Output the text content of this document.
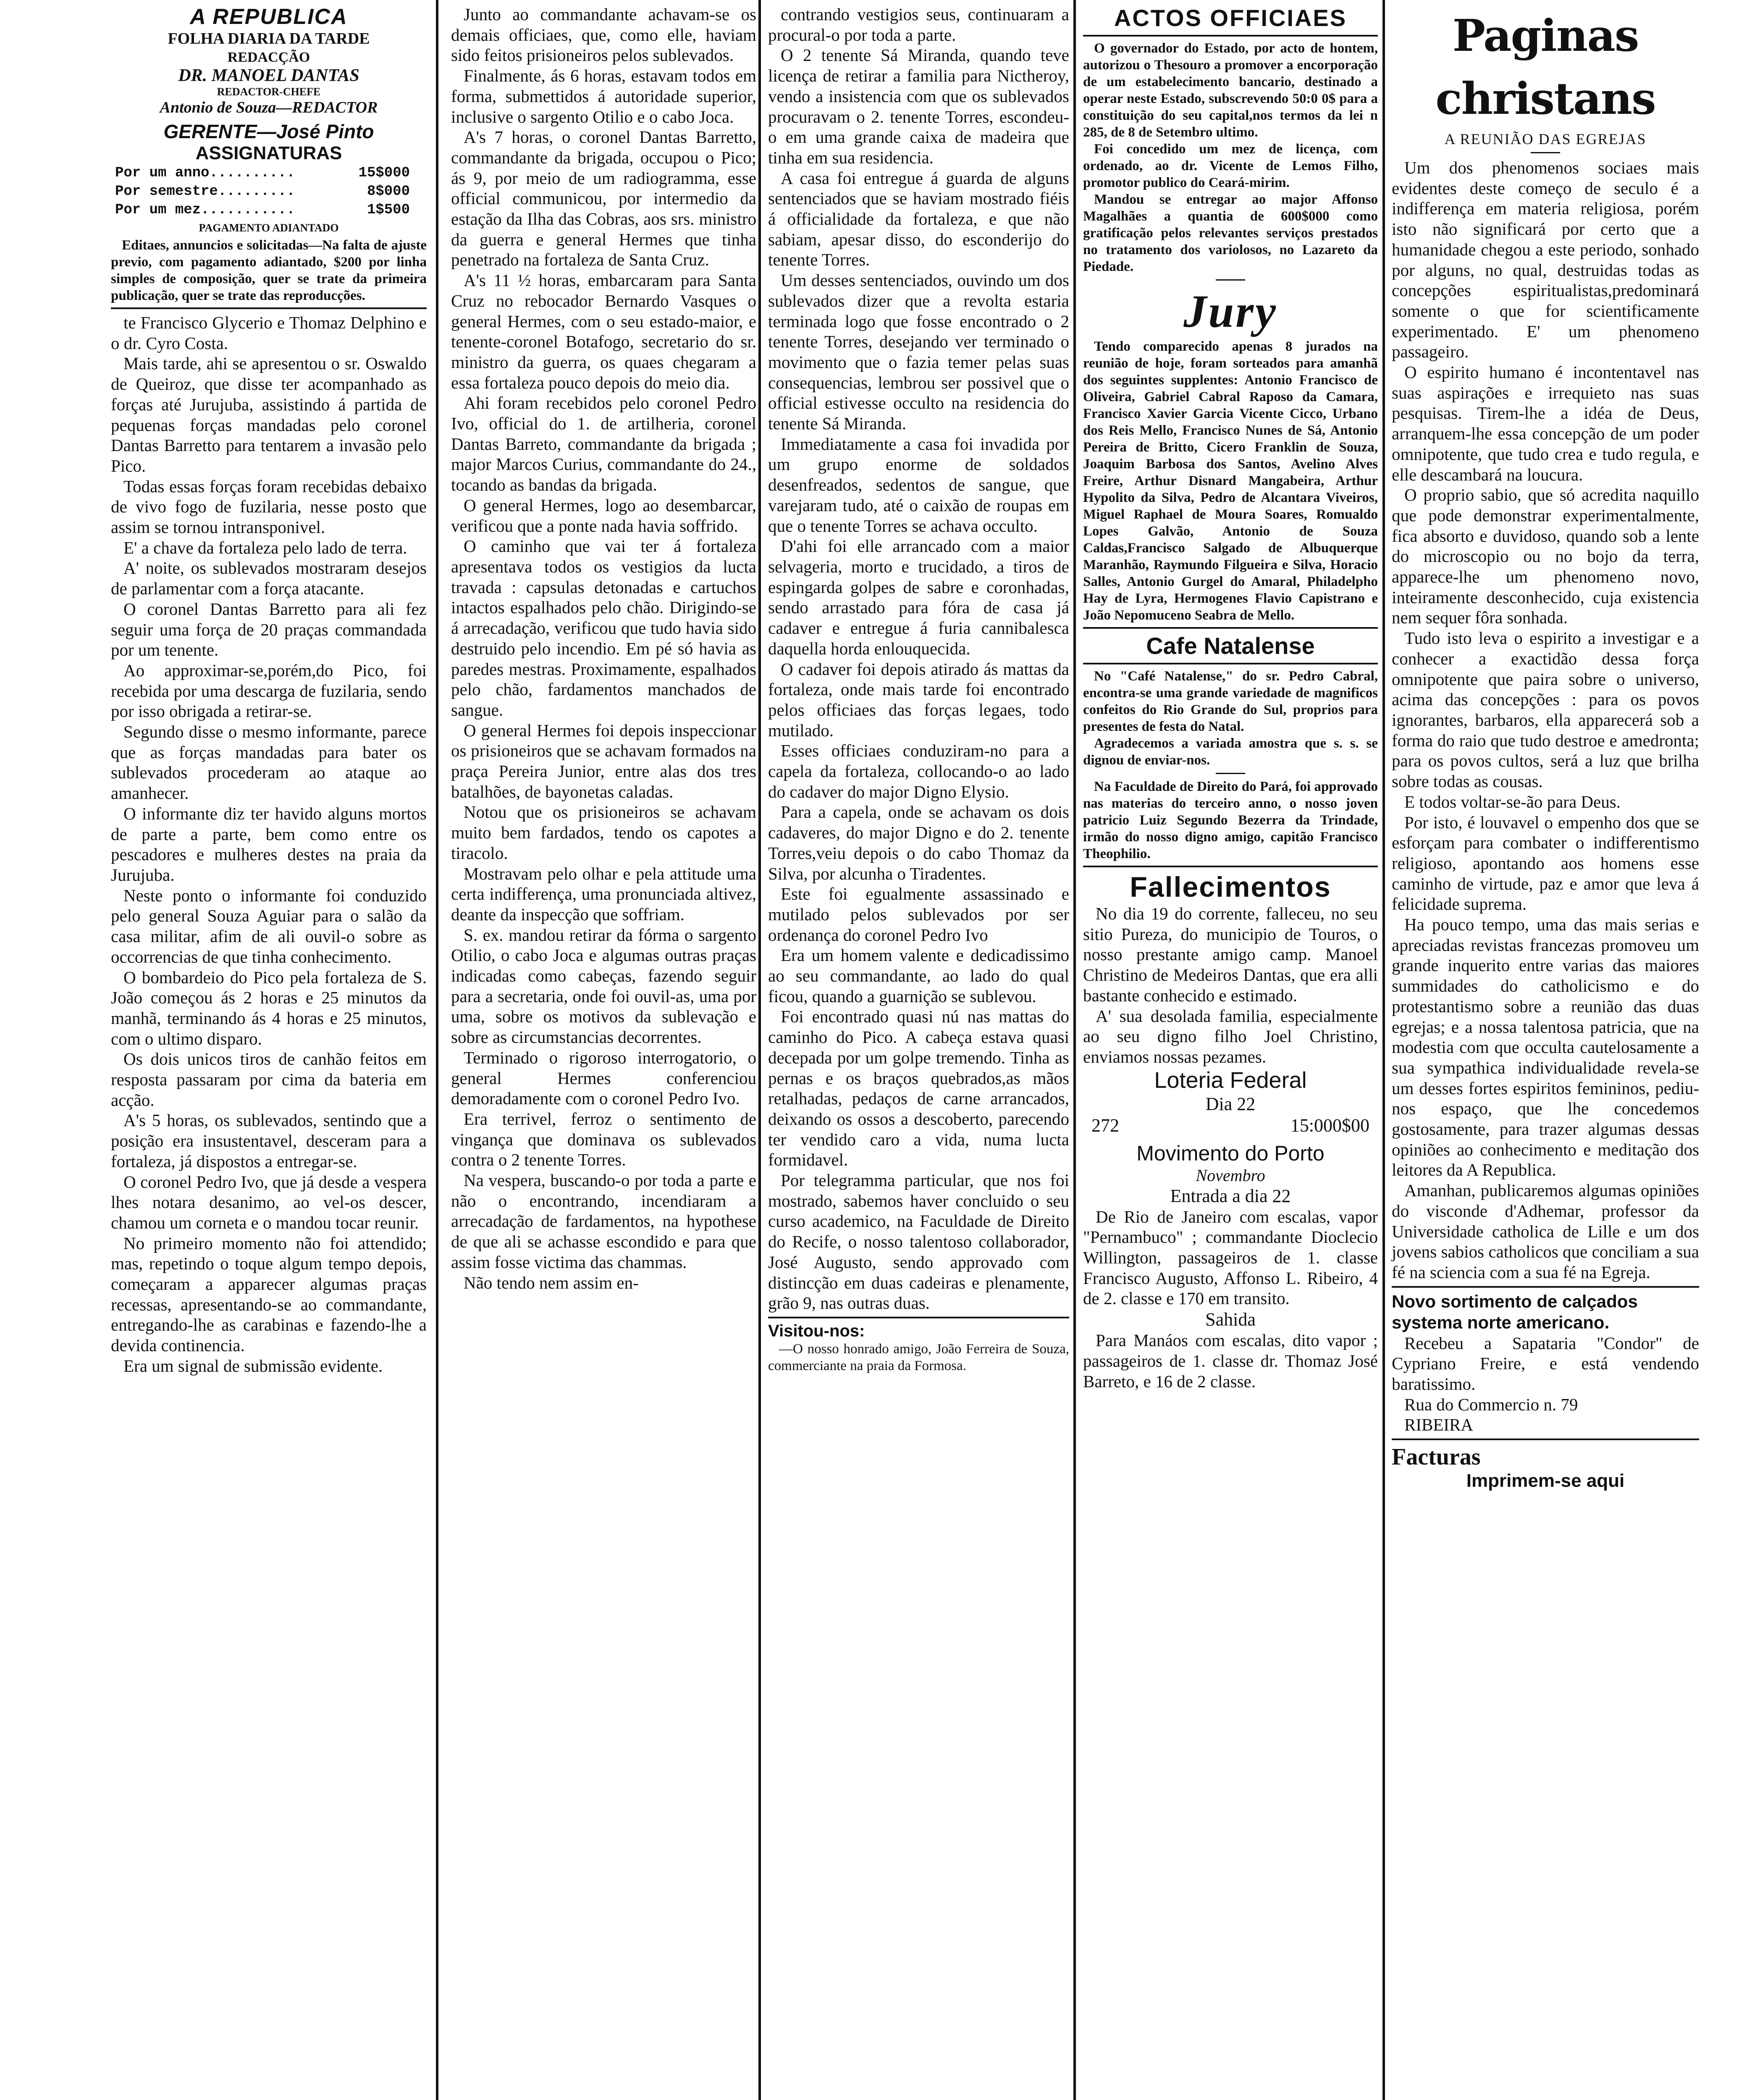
A REPUBLICA
FOLHA DIARIA DA TARDE
REDACÇÃO
DR. MANOEL DANTAS
REDACTOR-CHEFE
Antonio de Souza—REDACTOR
GERENTE—José Pinto
ASSIGNATURAS
Por um anno..........	15$000
Por semestre.........	8$000
Por um mez...........	1$500
PAGAMENTO ADIANTADO

Editaes, annuncios e solicitadas—Na falta de ajuste previo, com pagamento adiantado, $200 por linha simples de composição, quer se trate da primeira publicação, quer se trate das reproducções.

te Francisco Glycerio e Thomaz Delphino e o dr. Cyro Costa.

Mais tarde, ahi se apresentou o sr. Oswaldo de Queiroz, que disse ter acompanhado as forças até Jurujuba, assistindo á partida de pequenas forças mandadas pelo coronel Dantas Barretto para tentarem a invasão pelo Pico.

Todas essas forças foram recebidas debaixo de vivo fogo de fuzilaria, nesse posto que assim se tornou intransponivel.

E' a chave da fortaleza pelo lado de terra.

A' noite, os sublevados mostraram desejos de parlamentar com a força atacante.

O coronel Dantas Barretto para ali fez seguir uma força de 20 praças commandada por um tenente.

Ao approximar-se,porém,do Pico, foi recebida por uma descarga de fuzilaria, sendo por isso obrigada a retirar-se.

Segundo disse o mesmo informante, parece que as forças mandadas para bater os sublevados procederam ao ataque ao amanhecer.

O informante diz ter havido alguns mortos de parte a parte, bem como entre os pescadores e mulheres destes na praia da Jurujuba.

Neste ponto o informante foi conduzido pelo general Souza Aguiar para o salão da casa militar, afim de ali ouvil-o sobre as occorrencias de que tinha conhecimento.

O bombardeio do Pico pela fortaleza de S. João começou ás 2 horas e 25 minutos da manhã, terminando ás 4 horas e 25 minutos, com o ultimo disparo.

Os dois unicos tiros de canhão feitos em resposta passaram por cima da bateria em acção.

A's 5 horas, os sublevados, sentindo que a posição era insustentavel, desceram para a fortaleza, já dispostos a entregar-se.

O coronel Pedro Ivo, que já desde a vespera lhes notara desanimo, ao vel-os descer, chamou um corneta e o mandou tocar reunir.

No primeiro momento não foi attendido; mas, repetindo o toque algum tempo depois, começaram a apparecer algumas praças recessas, apresentando-se ao commandante, entregando-lhe as carabinas e fazendo-lhe a devida continencia.

Era um signal de submissão evidente.

Junto ao commandante achavam-se os demais officiaes, que, como elle, haviam sido feitos prisioneiros pelos sublevados.

Finalmente, ás 6 horas, estavam todos em forma, submettidos á autoridade superior, inclusive o sargento Otilio e o cabo Joca.

A's 7 horas, o coronel Dantas Barretto, commandante da brigada, occupou o Pico; ás 9, por meio de um radiogramma, esse official communicou, por intermedio da estação da Ilha das Cobras, aos srs. ministro da guerra e general Hermes que tinha penetrado na fortaleza de Santa Cruz.

A's 11 ½ horas, embarcaram para Santa Cruz no rebocador Bernardo Vasques o general Hermes, com o seu estado-maior, e tenente-coronel Botafogo, secretario do sr. ministro da guerra, os quaes chegaram a essa fortaleza pouco depois do meio dia.

Ahi foram recebidos pelo coronel Pedro Ivo, official do 1. de artilheria, coronel Dantas Barreto, commandante da brigada ; major Marcos Curius, commandante do 24., tocando as bandas da brigada.

O general Hermes, logo ao desembarcar, verificou que a ponte nada havia soffrido.

O caminho que vai ter á fortaleza apresentava todos os vestigios da lucta travada : capsulas detonadas e cartuchos intactos espalhados pelo chão. Dirigindo-se á arrecadação, verificou que tudo havia sido destruido pelo incendio. Em pé só havia as paredes mestras. Proximamente, espalhados pelo chão, fardamentos manchados de sangue.

O general Hermes foi depois inspeccionar os prisioneiros que se achavam formados na praça Pereira Junior, entre alas dos tres batalhões, de bayonetas caladas.

Notou que os prisioneiros se achavam muito bem fardados, tendo os capotes a tiracolo.

Mostravam pelo olhar e pela attitude uma certa indifferença, uma pronunciada altivez, deante da inspecção que soffriam.

S. ex. mandou retirar da fórma o sargento Otilio, o cabo Joca e algumas outras praças indicadas como cabeças, fazendo seguir para a secretaria, onde foi ouvil-as, uma por uma, sobre os motivos da sublevação e sobre as circumstancias decorrentes.

Terminado o rigoroso interrogatorio, o general Hermes conferenciou demoradamente com o coronel Pedro Ivo.

Era terrivel, ferroz o sentimento de vingança que dominava os sublevados contra o 2 tenente Torres.

Na vespera, buscando-o por toda a parte e não o encontrando, incendiaram a arrecadação de fardamentos, na hypothese de que ali se achasse escondido e para que assim fosse victima das chammas.

Não tendo nem assim en-

contrando vestigios seus, continuaram a procural-o por toda a parte.

O 2 tenente Sá Miranda, quando teve licença de retirar a familia para Nictheroy, vendo a insistencia com que os sublevados procuravam o 2. tenente Torres, escondeu-o em uma grande caixa de madeira que tinha em sua residencia.

A casa foi entregue á guarda de alguns sentenciados que se haviam mostrado fiéis á officialidade da fortaleza, e que não sabiam, apesar disso, do esconderijo do tenente Torres.

Um desses sentenciados, ouvindo um dos sublevados dizer que a revolta estaria terminada logo que fosse encontrado o 2 tenente Torres, desejando ver terminado o movimento que o fazia temer pelas suas consequencias, lembrou ser possivel que o official estivesse occulto na residencia do tenente Sá Miranda.

Immediatamente a casa foi invadida por um grupo enorme de soldados desenfreados, sedentos de sangue, que varejaram tudo, até o caixão de roupas em que o tenente Torres se achava occulto.

D'ahi foi elle arrancado com a maior selvageria, morto e trucidado, a tiros de espingarda golpes de sabre e coronhadas, sendo arrastado para fóra de casa já cadaver e entregue á furia cannibalesca daquella horda enlouquecida.

O cadaver foi depois atirado ás mattas da fortaleza, onde mais tarde foi encontrado pelos officiaes das forças legaes, todo mutilado.

Esses officiaes conduziram-no para a capela da fortaleza, collocando-o ao lado do cadaver do major Digno Elysio.

Para a capela, onde se achavam os dois cadaveres, do major Digno e do 2. tenente Torres,veiu depois o do cabo Thomaz da Silva, por alcunha o Tiradentes.

Este foi egualmente assassinado e mutilado pelos sublevados por ser ordenança do coronel Pedro Ivo

Era um homem valente e dedicadissimo ao seu commandante, ao lado do qual ficou, quando a guarnição se sublevou.

Foi encontrado quasi nú nas mattas do caminho do Pico. A cabeça estava quasi decepada por um golpe tremendo. Tinha as pernas e os braços quebrados,as mãos retalhadas, pedaços de carne arrancados, deixando os ossos a descoberto, parecendo ter vendido caro a vida, numa lucta formidavel.

Por telegramma particular, que nos foi mostrado, sabemos haver concluido o seu curso academico, na Faculdade de Direito do Recife, o nosso talentoso collaborador, José Augusto, sendo approvado com distincção em duas cadeiras e plenamente, grão 9, nas outras duas.

Visitou-nos:

—O nosso honrado amigo, João Ferreira de Souza, commerciante na praia da Formosa.

ACTOS OFFICIAES

O governador do Estado, por acto de hontem, autorizou o Thesouro a promover a encorporação de um estabelecimento bancario, destinado a operar neste Estado, subscrevendo 50:0 0$ para a constituição do seu capital,nos termos da lei n 285, de 8 de Setembro ultimo.

Foi concedido um mez de licença, com ordenado, ao dr. Vicente de Lemos Filho, promotor publico do Ceará-mirim.

Mandou se entregar ao major Affonso Magalhães a quantia de 600$000 como gratificação pelos relevantes serviços prestados no tratamento dos variolosos, no Lazareto da Piedade.

Jury

Tendo comparecido apenas 8 jurados na reunião de hoje, foram sorteados para amanhã dos seguintes supplentes: Antonio Francisco de Oliveira, Gabriel Cabral Raposo da Camara, Francisco Xavier Garcia Vicente Cicco, Urbano dos Reis Mello, Francisco Nunes de Sá, Antonio Pereira de Britto, Cicero Franklin de Souza, Joaquim Barbosa dos Santos, Avelino Alves Freire, Arthur Disnard Mangabeira, Arthur Hypolito da Silva, Pedro de Alcantara Viveiros, Miguel Raphael de Moura Soares, Romualdo Lopes Galvão, Antonio de Souza Caldas,Francisco Salgado de Albuquerque Maranhão, Raymundo Filgueira e Silva, Horacio Salles, Antonio Gurgel do Amaral, Philadelpho Hay de Lyra, Hermogenes Flavio Capistrano e João Nepomuceno Seabra de Mello.

Cafe Natalense

No "Café Natalense," do sr. Pedro Cabral, encontra-se uma grande variedade de magnificos confeitos do Rio Grande do Sul, proprios para presentes de festa do Natal.

Agradecemos a variada amostra que s. s. se dignou de enviar-nos.

Na Faculdade de Direito do Pará, foi approvado nas materias do terceiro anno, o nosso joven patricio Luiz Segundo Bezerra da Trindade, irmão do nosso digno amigo, capitão Francisco Theophilio.

Fallecimentos

No dia 19 do corrente, falleceu, no seu sitio Pureza, do municipio de Touros, o nosso prestante amigo camp. Manoel Christino de Medeiros Dantas, que era alli bastante conhecido e estimado.

A' sua desolada familia, especialmente ao seu digno filho Joel Christino, enviamos nossas pezames.

Loteria Federal
Dia 22
272	15:000$00
Movimento do Porto
Novembro
Entrada a dia 22

De Rio de Janeiro com escalas, vapor "Pernambuco" ; commandante Dioclecio Willington, passageiros de 1. classe Francisco Augusto, Affonso L. Ribeiro, 4 de 2. classe e 170 em transito.

Sahida

Para Manáos com escalas, dito vapor ; passageiros de 1. classe dr. Thomaz José Barreto, e 16 de 2 classe.

Paginas christans
A REUNIÃO DAS EGREJAS

Um dos phenomenos sociaes mais evidentes deste começo de seculo é a indifferença em materia religiosa, porém isto não significará por certo que a humanidade chegou a este periodo, sonhado por alguns, no qual, destruidas todas as concepções espiritualistas,predominará somente o que for scientificamente experimentado. E' um phenomeno passageiro.

O espirito humano é incontentavel nas suas aspirações e irrequieto nas suas pesquisas. Tirem-lhe a idéa de Deus, arranquem-lhe essa concepção de um poder omnipotente, que tudo crea e tudo regula, e elle descambará na loucura.

O proprio sabio, que só acredita naquillo que pode demonstrar experimentalmente, fica absorto e duvidoso, quando sob a lente do microscopio ou no bojo da terra, apparece-lhe um phenomeno novo, inteiramente desconhecido, cuja existencia nem sequer fôra sonhada.

Tudo isto leva o espirito a investigar e a conhecer a exactidão dessa força omnipotente que paira sobre o universo, acima das concepções : para os povos ignorantes, barbaros, ella apparecerá sob a forma do raio que tudo destroe e amedronta; para os povos cultos, será a luz que brilha sobre todas as cousas.

E todos voltar-se-ão para Deus.

Por isto, é louvavel o empenho dos que se esforçam para combater o indifferentismo religioso, apontando aos homens esse caminho de virtude, paz e amor que leva á felicidade suprema.

Ha pouco tempo, uma das mais serias e apreciadas revistas francezas promoveu um grande inquerito entre varias das maiores summidades do catholicismo e do protestantismo sobre a reunião das duas egrejas; e a nossa talentosa patricia, que na modestia com que occulta cautelosamente a sua sympathica individualidade revela-se um desses fortes espiritos femininos, pediu-nos espaço, que lhe concedemos gostosamente, para trazer algumas dessas opiniões ao conhecimento e meditação dos leitores da A Republica.

Amanhan, publicaremos algumas opiniões do visconde d'Adhemar, professor da Universidade catholica de Lille e um dos jovens sabios catholicos que conciliam a sua fé na sciencia com a sua fé na Egreja.

Novo sortimento de calçados systema norte americano.

Recebeu a Sapataria "Condor" de Cypriano Freire, e está vendendo baratissimo.

Rua do Commercio n. 79

RIBEIRA

Facturas
Imprimem-se aqui
